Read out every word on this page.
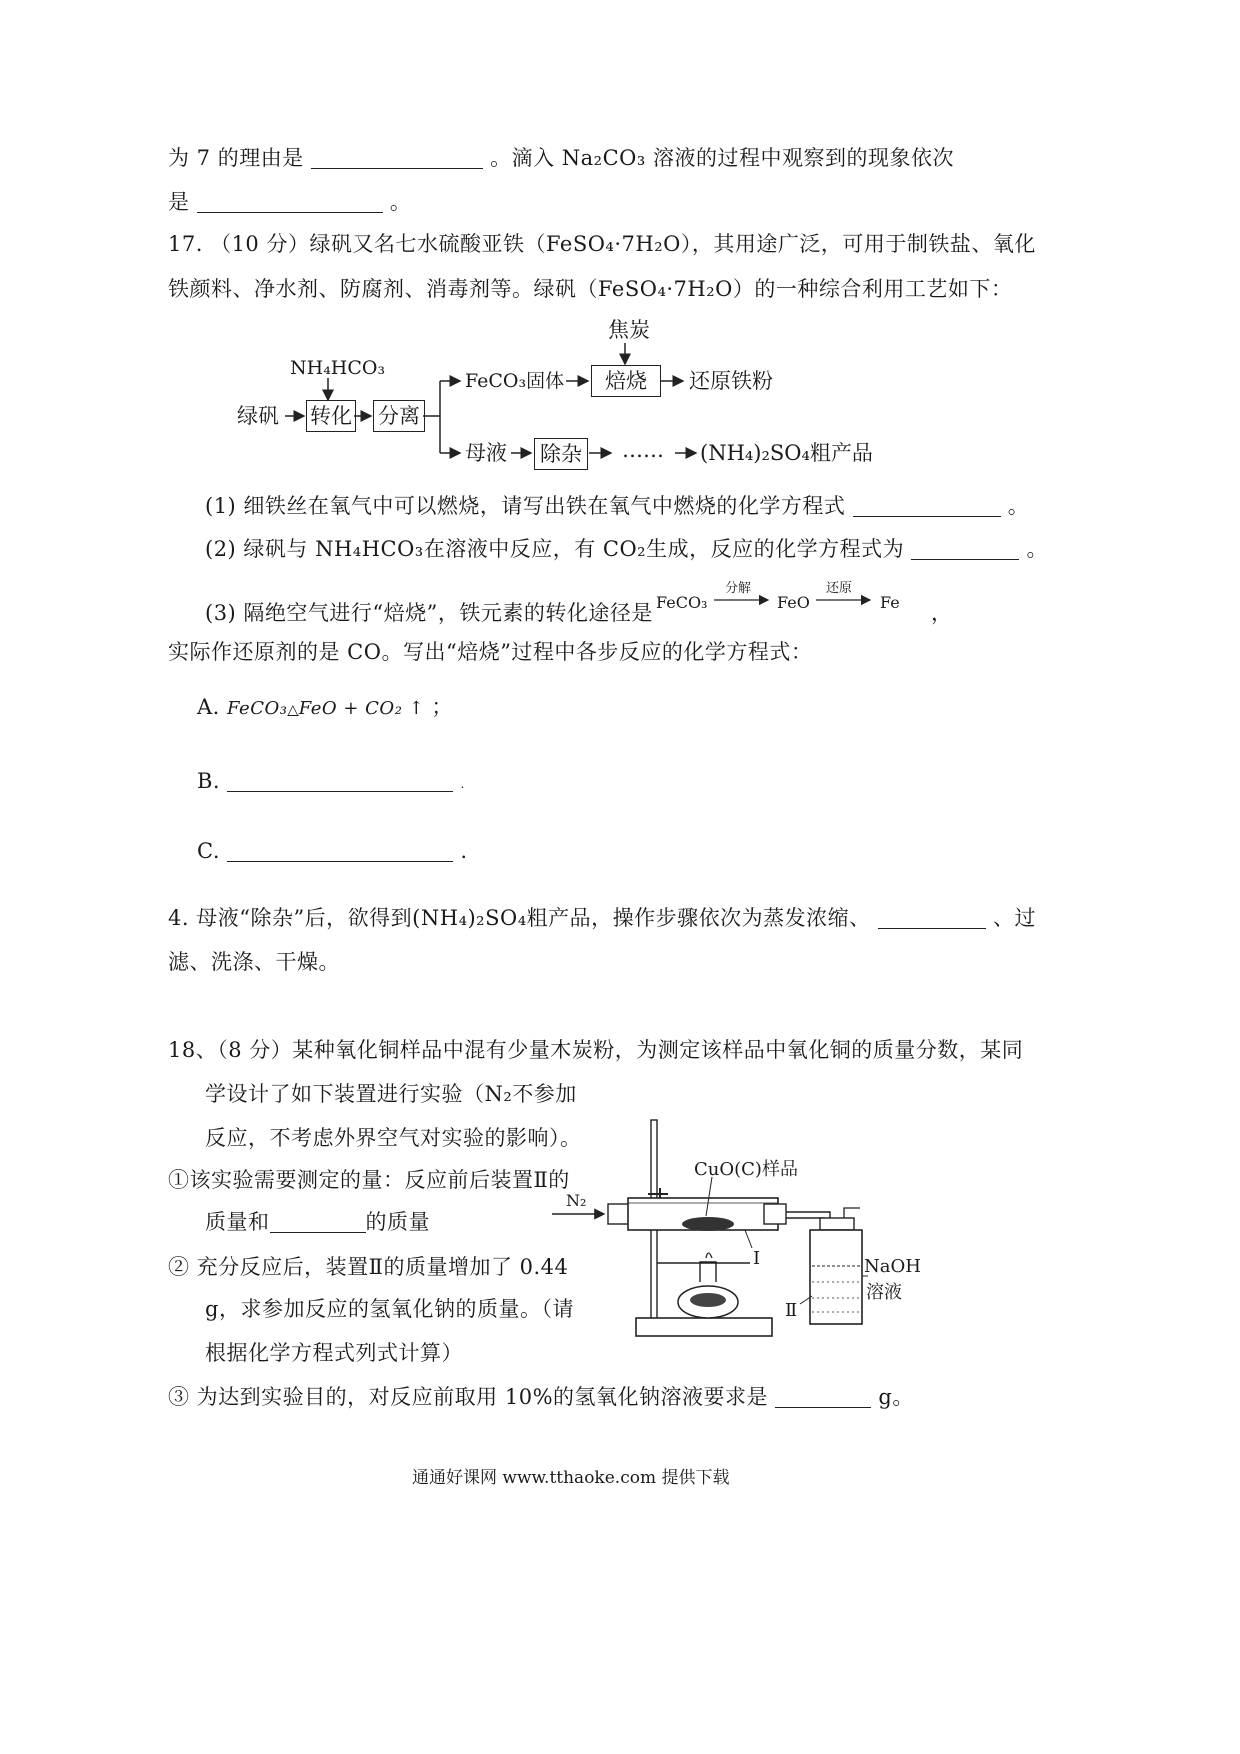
为 7 的理由是	。滴入 Na₂CO₃ 溶液的过程中观察到的现象依次
是	。
17. （10 分）绿矾又名七水硫酸亚铁（FeSO₄·7H₂O），其用途广泛，可用于制铁盐、氧化
铁颜料、净水剂、防腐剂、消毒剂等。绿矾（FeSO₄·7H₂O）的一种综合利用工艺如下：
绿矾
NH₄HCO₃
转化 分离
FeCO₃固体
焦炭
焙烧	还原铁粉
母液 除杂 …… (NH₄)₂SO₄粗产品
(1) 细铁丝在氧气中可以燃烧，请写出铁在氧气中燃烧的化学方程式	。
(2) 绿矾与 NH₄HCO₃在溶液中反应，有 CO₂生成，反应的化学方程式为	。
(3) 隔绝空气进行“焙烧”，铁元素的转化途径是 FeCO₃
分解
FeO
还原
Fe ，
实际作还原剂的是 CO。写出“焙烧”过程中各步反应的化学方程式：
A. FeCO₃△FeO + CO₂ ↑ ；
B.	.
C.	.
4. 母液“除杂”后，欲得到(NH₄)₂SO₄粗产品，操作步骤依次为蒸发浓缩、	、过
滤、洗涤、干燥。
18、（8 分）某种氧化铜样品中混有少量木炭粉，为测定该样品中氧化铜的质量分数，某同
学设计了如下装置进行实验（N₂不参加
反应，不考虑外界空气对实验的影响）。
①该实验需要测定的量：反应前后装置Ⅱ的
质量和	的质量
② 充分反应后，装置Ⅱ的质量增加了 0.44
g，求参加反应的氢氧化钠的质量。（请
根据化学方程式列式计算）
③ 为达到实验目的，对反应前取用 10%的氢氧化钠溶液要求是	g。
N₂
CuO(C)样品
Ⅰ
Ⅱ
NaOH
溶液
通通好课网 www.tthaoke.com 提供下载
